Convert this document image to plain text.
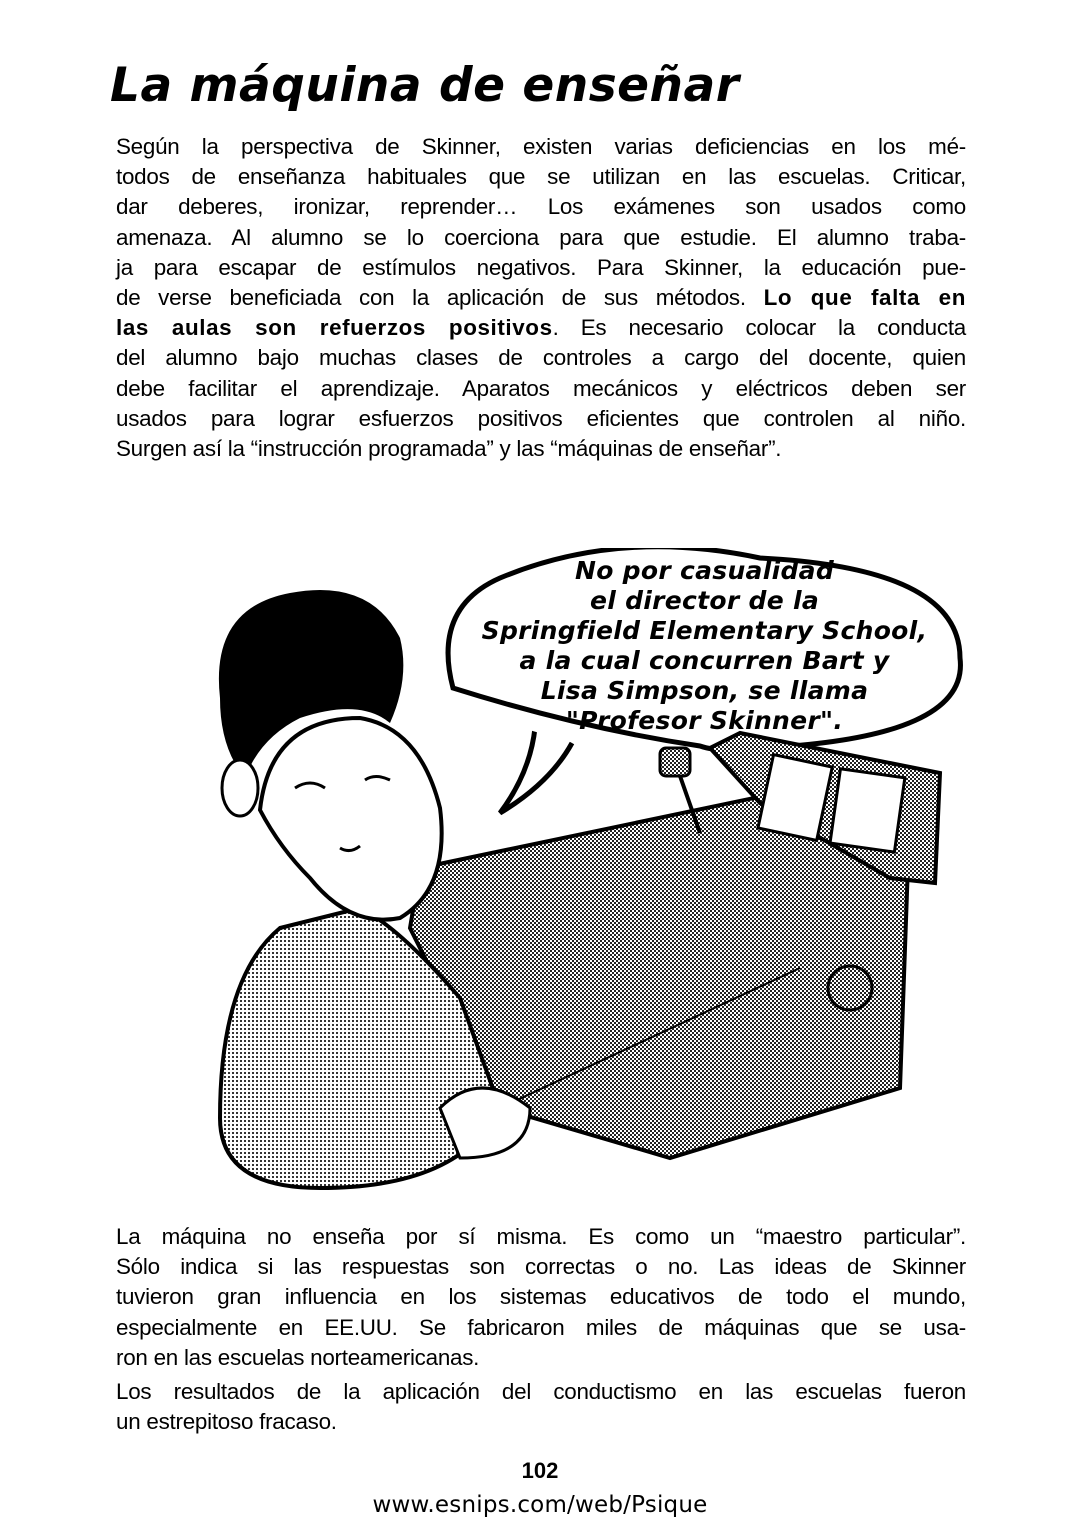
La máquina de enseñar
Según la perspectiva de Skinner, existen varias deficiencias en los mé-
todos de enseñanza habituales que se utilizan en las escuelas. Criticar,
dar deberes, ironizar, reprender… Los exámenes son usados como
amenaza. Al alumno se lo coerciona para que estudie. El alumno traba-
ja para escapar de estímulos negativos. Para Skinner, la educación pue-
de verse beneficiada con la aplicación de sus métodos. Lo que falta en
las aulas son refuerzos positivos. Es necesario colocar la conducta
del alumno bajo muchas clases de controles a cargo del docente, quien
debe facilitar el aprendizaje. Aparatos mecánicos y eléctricos deben ser
usados para lograr esfuerzos positivos eficientes que controlen al niño.
Surgen así la “instrucción programada” y las “máquinas de enseñar”.
No por casualidad
el director de la
Springfield Elementary School,
a la cual concurren Bart y
Lisa Simpson, se llama
"Profesor Skinner".
La máquina no enseña por sí misma. Es como un “maestro particular”.
Sólo indica si las respuestas son correctas o no. Las ideas de Skinner
tuvieron gran influencia en los sistemas educativos de todo el mundo,
especialmente en EE.UU. Se fabricaron miles de máquinas que se usa-
ron en las escuelas norteamericanas.
Los resultados de la aplicación del conductismo en las escuelas fueron
un estrepitoso fracaso.
102
www.esnips.com/web/Psique
